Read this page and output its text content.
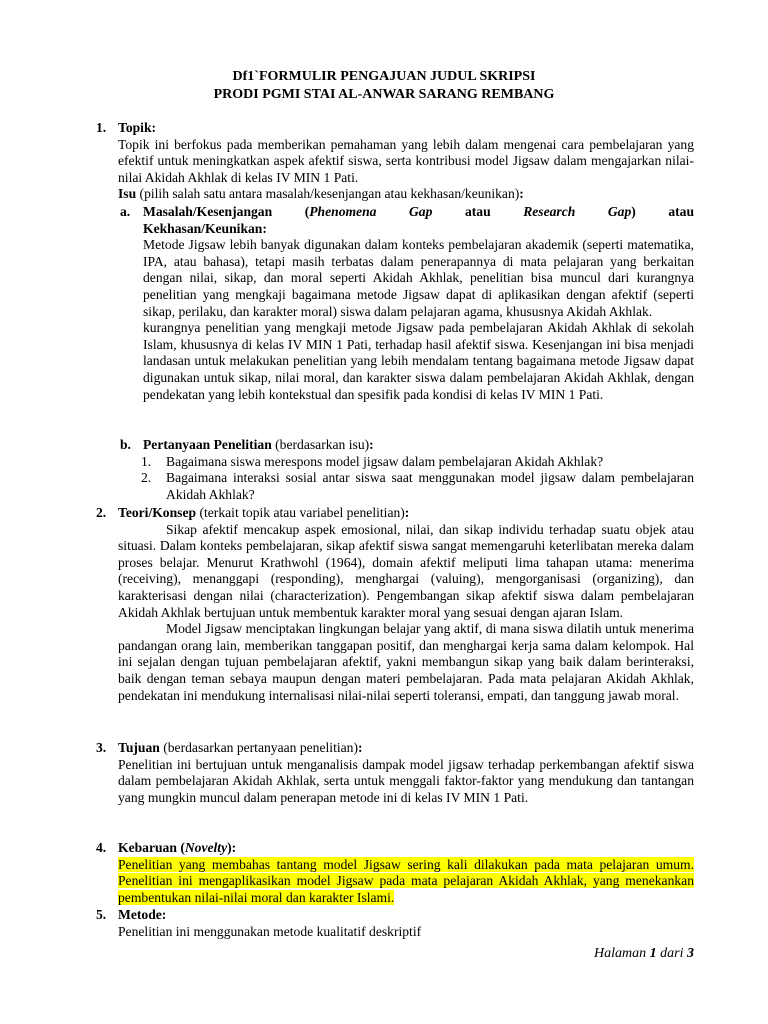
Df1`FORMULIR PENGAJUAN JUDUL SKRIPSI
PRODI PGMI STAI AL-ANWAR SARANG REMBANG
1. Topik:

Topik ini berfokus pada memberikan pemahaman yang lebih dalam mengenai cara pembelajaran yang efektif untuk meningkatkan aspek afektif siswa, serta kontribusi model Jigsaw dalam mengajarkan nilai-nilai Akidah Akhlak di kelas IV MIN 1 Pati.

Isu (pilih salah satu antara masalah/kesenjangan atau kekhasan/keunikan):

a. Masalah/Kesenjangan (Phenomena Gap atau Research Gap) atau

Kekhasan/Keunikan:

Metode Jigsaw lebih banyak digunakan dalam konteks pembelajaran akademik (seperti matematika, IPA, atau bahasa), tetapi masih terbatas dalam penerapannya di mata pelajaran yang berkaitan dengan nilai, sikap, dan moral seperti Akidah Akhlak, penelitian bisa muncul dari kurangnya penelitian yang mengkaji bagaimana metode Jigsaw dapat di aplikasikan dengan afektif (seperti sikap, perilaku, dan karakter moral) siswa dalam pelajaran agama, khususnya Akidah Akhlak.

kurangnya penelitian yang mengkaji metode Jigsaw pada pembelajaran Akidah Akhlak di sekolah Islam, khususnya di kelas IV MIN 1 Pati, terhadap hasil afektif siswa. Kesenjangan ini bisa menjadi landasan untuk melakukan penelitian yang lebih mendalam tentang bagaimana metode Jigsaw dapat digunakan untuk sikap, nilai moral, dan karakter siswa dalam pembelajaran Akidah Akhlak, dengan pendekatan yang lebih kontekstual dan spesifik pada kondisi di kelas IV MIN 1 Pati.

b. Pertanyaan Penelitian (berdasarkan isu):

1. Bagaimana siswa merespons model jigsaw dalam pembelajaran Akidah Akhlak?

2. Bagaimana interaksi sosial antar siswa saat menggunakan model jigsaw dalam pembelajaran Akidah Akhlak?

2. Teori/Konsep (terkait topik atau variabel penelitian):

Sikap afektif mencakup aspek emosional, nilai, dan sikap individu terhadap suatu objek atau situasi. Dalam konteks pembelajaran, sikap afektif siswa sangat memengaruhi keterlibatan mereka dalam proses belajar. Menurut Krathwohl (1964), domain afektif meliputi lima tahapan utama: menerima (receiving), menanggapi (responding), menghargai (valuing), mengorganisasi (organizing), dan karakterisasi dengan nilai (characterization). Pengembangan sikap afektif siswa dalam pembelajaran Akidah Akhlak bertujuan untuk membentuk karakter moral yang sesuai dengan ajaran Islam.

Model Jigsaw menciptakan lingkungan belajar yang aktif, di mana siswa dilatih untuk menerima pandangan orang lain, memberikan tanggapan positif, dan menghargai kerja sama dalam kelompok. Hal ini sejalan dengan tujuan pembelajaran afektif, yakni membangun sikap yang baik dalam berinteraksi, baik dengan teman sebaya maupun dengan materi pembelajaran. Pada mata pelajaran Akidah Akhlak, pendekatan ini mendukung internalisasi nilai-nilai seperti toleransi, empati, dan tanggung jawab moral.

3. Tujuan (berdasarkan pertanyaan penelitian):

Penelitian ini bertujuan untuk menganalisis dampak model jigsaw terhadap perkembangan afektif siswa dalam pembelajaran Akidah Akhlak, serta untuk menggali faktor-faktor yang mendukung dan tantangan yang mungkin muncul dalam penerapan metode ini di kelas IV MIN 1 Pati.

4. Kebaruan (Novelty):

Penelitian yang membahas tantang model Jigsaw sering kali dilakukan pada mata pelajaran umum. Penelitian ini mengaplikasikan model Jigsaw pada mata pelajaran Akidah Akhlak, yang menekankan pembentukan nilai-nilai moral dan karakter Islami.

5. Metode:

Penelitian ini menggunakan metode kualitatif deskriptif

Halaman 1 dari 3
